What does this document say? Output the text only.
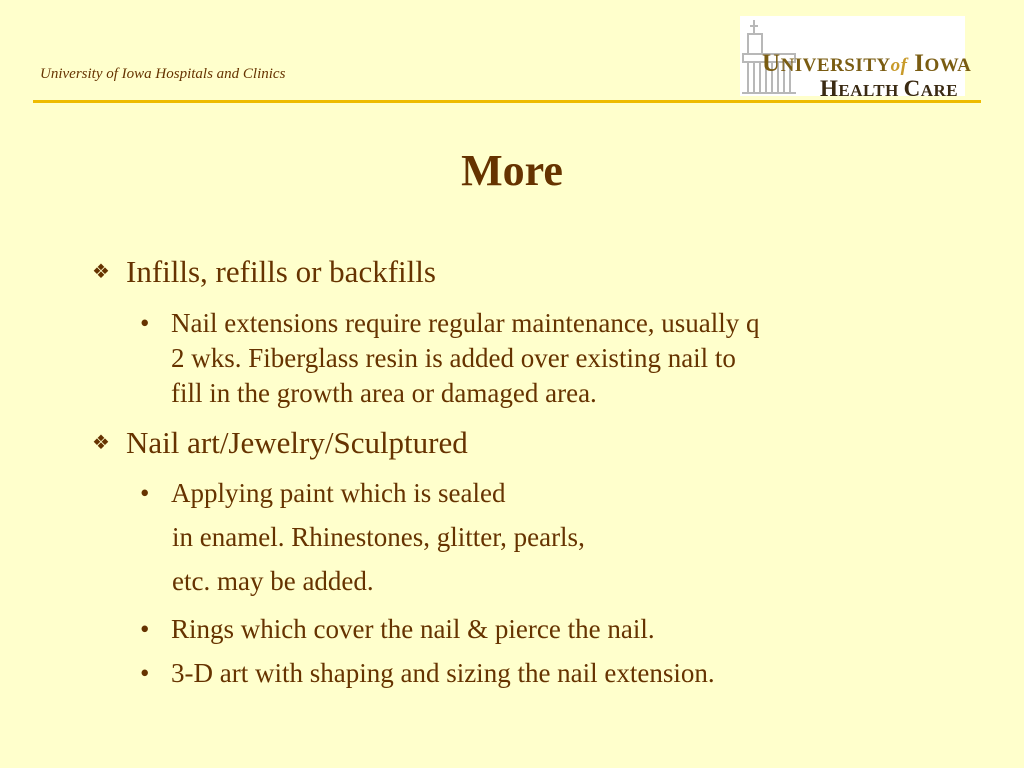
University of Iowa Hospitals and Clinics	UNIVERSITYof IOWA
HEALTH CARE
More
❖ Infills, refills or backfills
• Nail extensions require regular maintenance, usually q
2 wks. Fiberglass resin is added over existing nail to
fill in the growth area or damaged area.
❖ Nail art/Jewelry/Sculptured
• Applying paint which is sealed
in enamel. Rhinestones, glitter, pearls,
etc. may be added.
• Rings which cover the nail & pierce the nail.
• 3-D art with shaping and sizing the nail extension.
